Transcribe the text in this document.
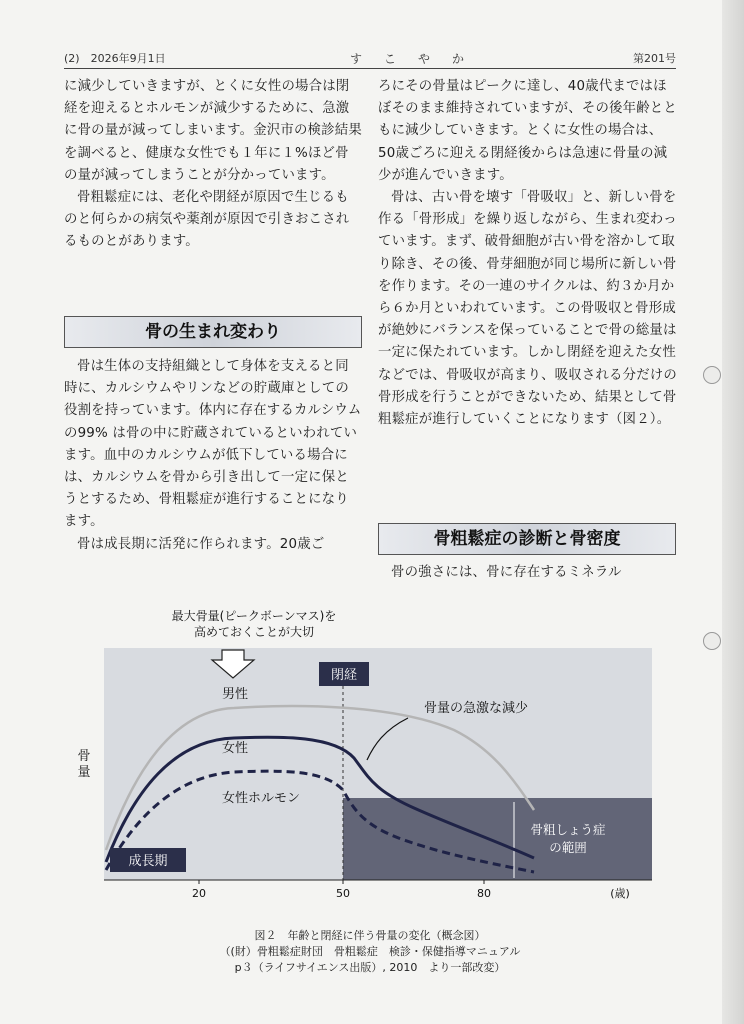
(2)　2026年9月1日	すこやか	第201号

に減少していきますが、とくに女性の場合は閉経を迎えるとホルモンが減少するために、急激に骨の量が減ってしまいます。金沢市の検診結果を調べると、健康な女性でも１年に１%ほど骨の量が減ってしまうことが分かっています。

骨粗鬆症には、老化や閉経が原因で生じるものと何らかの病気や薬剤が原因で引きおこされるものとがあります。

骨の生まれ変わり

骨は生体の支持組織として身体を支えると同時に、カルシウムやリンなどの貯蔵庫としての役割を持っています。体内に存在するカルシウムの99% は骨の中に貯蔵されているといわれています。血中のカルシウムが低下している場合には、カルシウムを骨から引き出して一定に保とうとするため、骨粗鬆症が進行することになります。

骨は成長期に活発に作られます。20歳ご

ろにその骨量はピークに達し、40歳代まではほぼそのまま維持されていますが、その後年齢とともに減少していきます。とくに女性の場合は、50歳ごろに迎える閉経後からは急速に骨量の減少が進んでいきます。

骨は、古い骨を壊す「骨吸収」と、新しい骨を作る「骨形成」を繰り返しながら、生まれ変わっています。まず、破骨細胞が古い骨を溶かして取り除き、その後、骨芽細胞が同じ場所に新しい骨を作ります。その一連のサイクルは、約３か月から６か月といわれています。この骨吸収と骨形成が絶妙にバランスを保っていることで骨の総量は一定に保たれています。しかし閉経を迎えた女性などでは、骨吸収が高まり、吸収される分だけの骨形成を行うことができないため、結果として骨粗鬆症が進行していくことになります（図２）。

骨粗鬆症の診断と骨密度

骨の強さには、骨に存在するミネラル

最大骨量(ピークボーンマス)を
高めておくことが大切
骨粗しょう症
の範囲
閉経
骨量の急激な減少
男性
女性
女性ホルモン
成長期
骨
量
20	50	80	(歳)
図２　年齢と閉経に伴う骨量の変化（概念図）
（(財）骨粗鬆症財団　骨粗鬆症　検診・保健指導マニュアル
p３（ライフサイエンス出版）, 2010　より一部改変）
